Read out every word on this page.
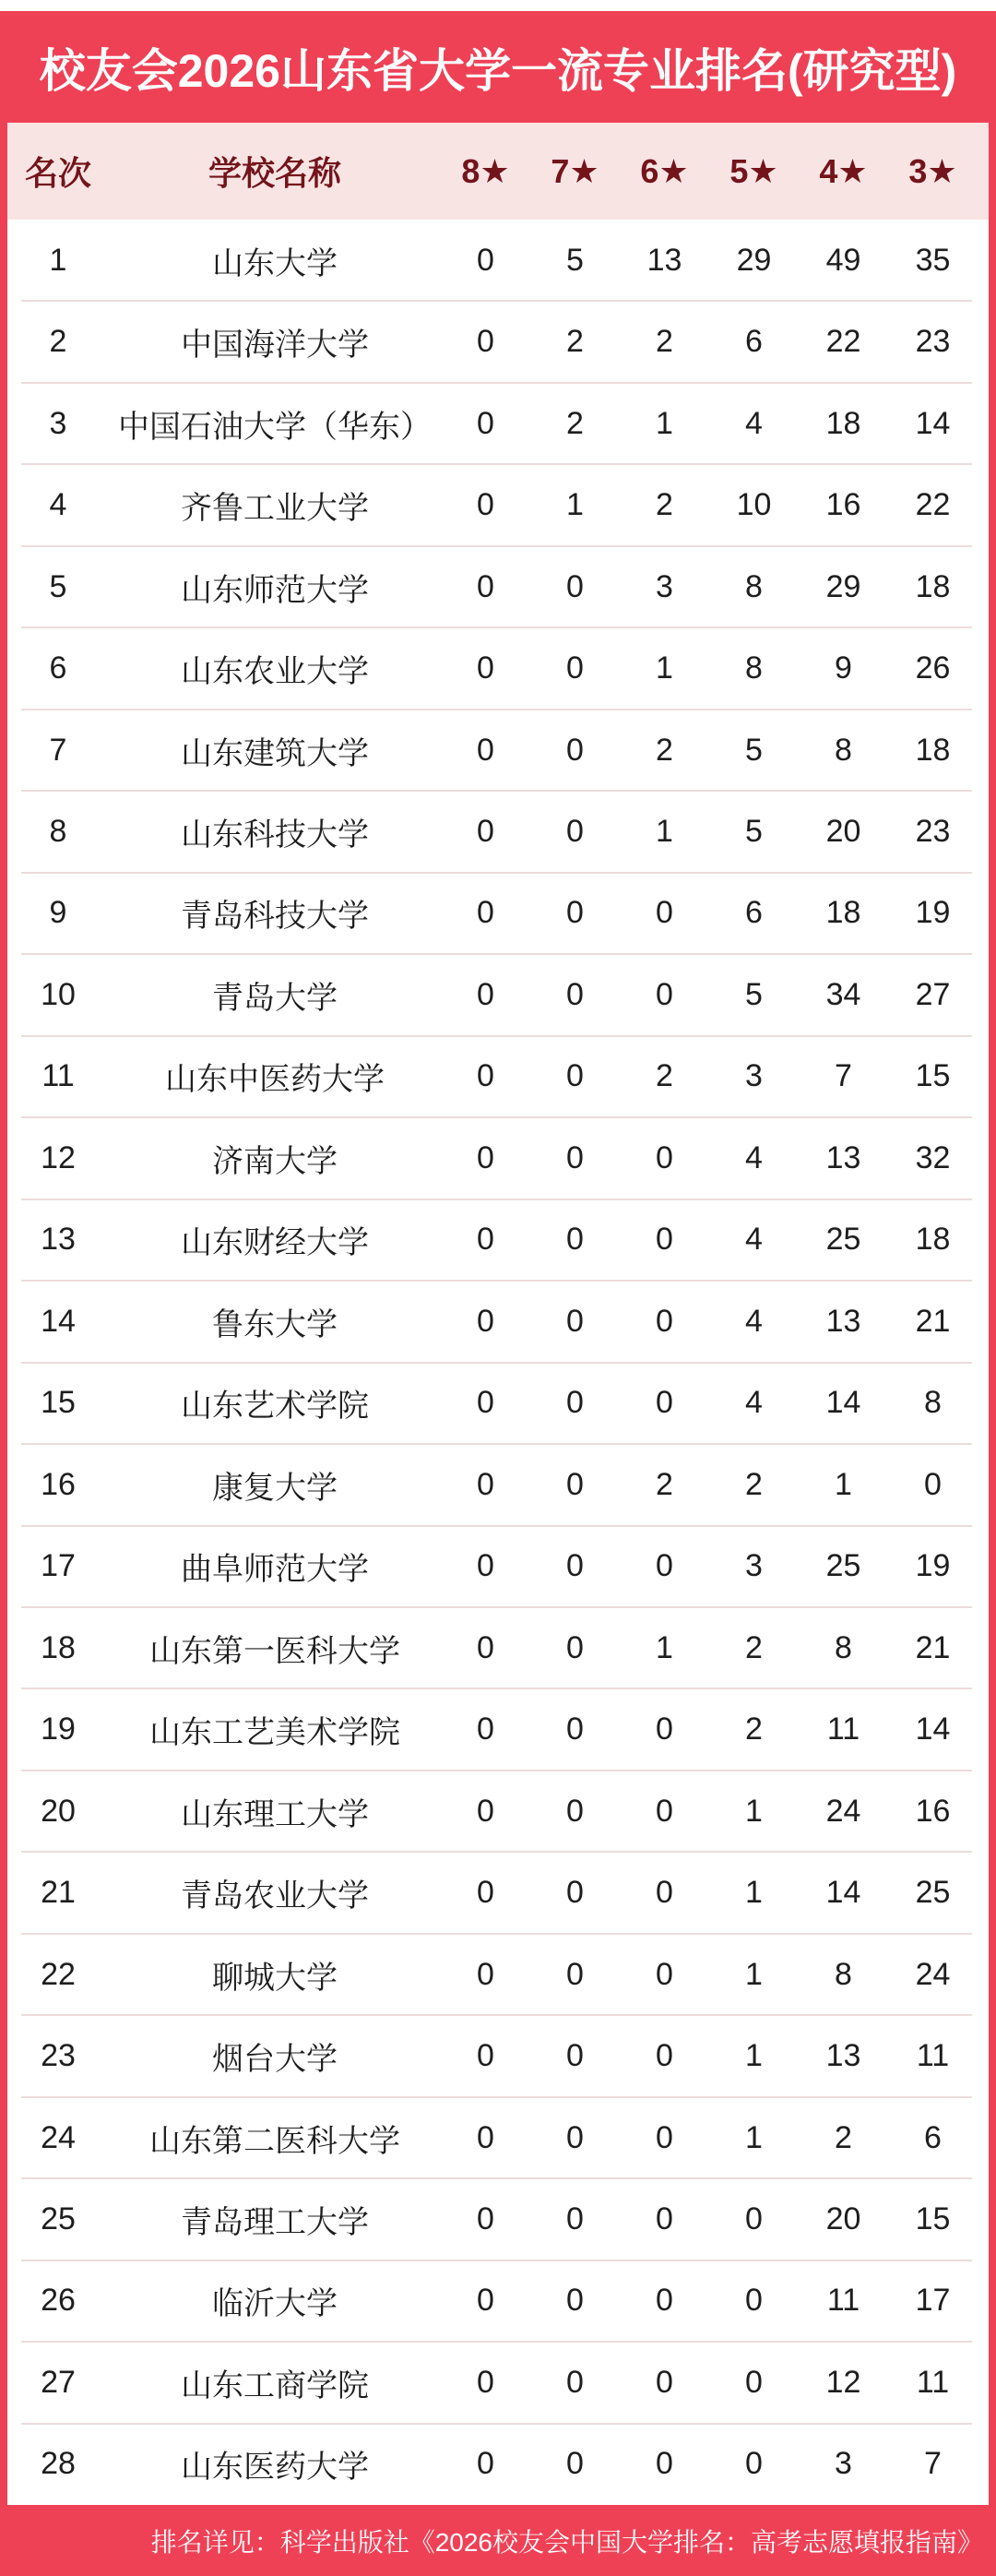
校友会2026山东省大学一流专业排名(研究型)
名次	学校名称	8★	7★	6★	5★	4★	3★
1	山东大学	0	5	13	29	49	35
2	中国海洋大学	0	2	2	6	22	23
3	中国石油大学（华东）	0	2	1	4	18	14
4	齐鲁工业大学	0	1	2	10	16	22
5	山东师范大学	0	0	3	8	29	18
6	山东农业大学	0	0	1	8	9	26
7	山东建筑大学	0	0	2	5	8	18
8	山东科技大学	0	0	1	5	20	23
9	青岛科技大学	0	0	0	6	18	19
10	青岛大学	0	0	0	5	34	27
11	山东中医药大学	0	0	2	3	7	15
12	济南大学	0	0	0	4	13	32
13	山东财经大学	0	0	0	4	25	18
14	鲁东大学	0	0	0	4	13	21
15	山东艺术学院	0	0	0	4	14	8
16	康复大学	0	0	2	2	1	0
17	曲阜师范大学	0	0	0	3	25	19
18	山东第一医科大学	0	0	1	2	8	21
19	山东工艺美术学院	0	0	0	2	11	14
20	山东理工大学	0	0	0	1	24	16
21	青岛农业大学	0	0	0	1	14	25
22	聊城大学	0	0	0	1	8	24
23	烟台大学	0	0	0	1	13	11
24	山东第二医科大学	0	0	0	1	2	6
25	青岛理工大学	0	0	0	0	20	15
26	临沂大学	0	0	0	0	11	17
27	山东工商学院	0	0	0	0	12	11
28	山东医药大学	0	0	0	0	3	7
排名详见：科学出版社《2026校友会中国大学排名：高考志愿填报指南》
